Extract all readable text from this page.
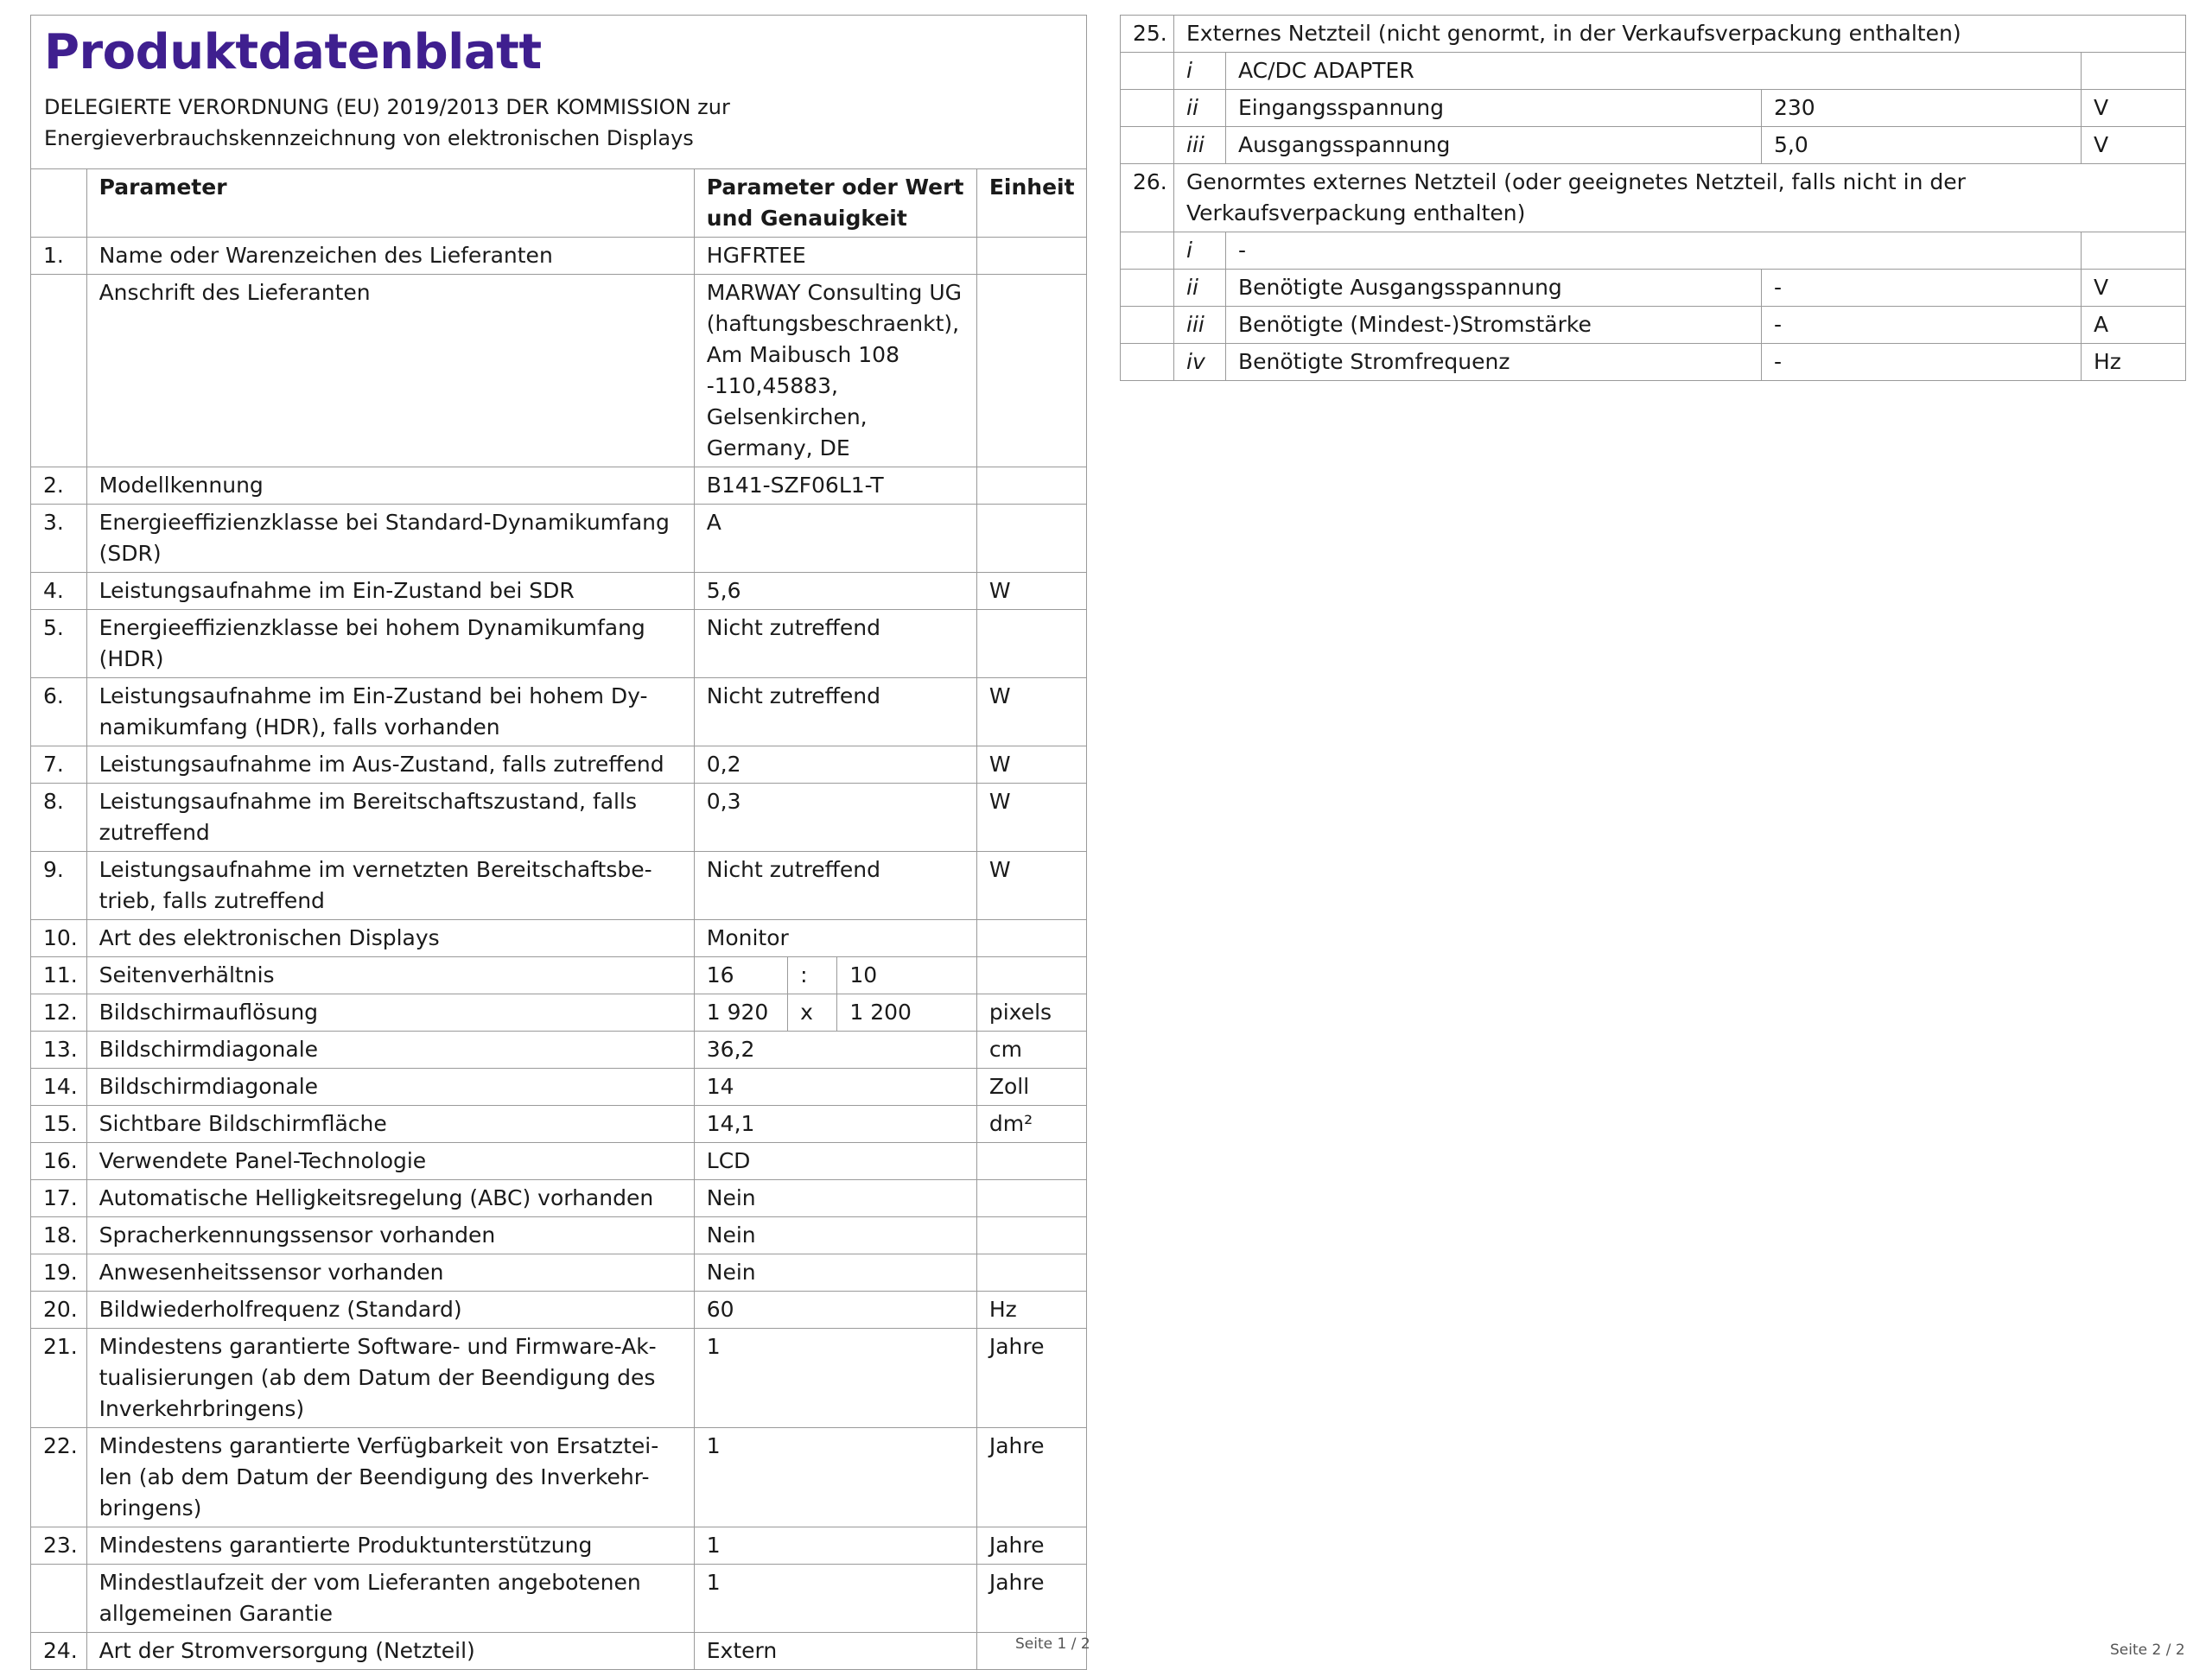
Produktdatenblatt

DELEGIERTE VERORDNUNG (EU) 2019/2013 DER KOMMISSION zur Energieverbrauchskennzeichnung von elektronischen Displays

	Parameter	Parameter oder Wert und Genauigkeit			Einheit
1.	Name oder Warenzeichen des Lieferanten	HGFRTEE			
	Anschrift des Lieferanten	MARWAY Consulting UG (haftungsbeschraenkt), Am Maibusch 108 -110,45883, Gelsenkirchen, Germany, DE			
2.	Modellkennung	B141-SZF06L1-T			
3.	Energieeffizienzklasse bei Standard-Dynamikumfang (SDR)	A			
4.	Leistungsaufnahme im Ein-Zustand bei SDR	5,6			W
5.	Energieeffizienzklasse bei hohem Dynamikumfang (HDR)	Nicht zutreffend			
6.	Leistungsaufnahme im Ein-Zustand bei hohem Dy-namikumfang (HDR), falls vorhanden	Nicht zutreffend			W
7.	Leistungsaufnahme im Aus-Zustand, falls zutreffend	0,2			W
8.	Leistungsaufnahme im Bereitschaftszustand, falls zutreffend	0,3			W
9.	Leistungsaufnahme im vernetzten Bereitschaftsbe-trieb, falls zutreffend	Nicht zutreffend			W
10.	Art des elektronischen Displays	Monitor			
11.	Seitenverhältnis	16	:	10	
12.	Bildschirmauflösung	1 920	x	1 200	pixels
13.	Bildschirmdiagonale	36,2			cm
14.	Bildschirmdiagonale	14			Zoll
15.	Sichtbare Bildschirmfläche	14,1			dm²
16.	Verwendete Panel-Technologie	LCD			
17.	Automatische Helligkeitsregelung (ABC) vorhanden	Nein			
18.	Spracherkennungssensor vorhanden	Nein			
19.	Anwesenheitssensor vorhanden	Nein			
20.	Bildwiederholfrequenz (Standard)	60			Hz
21.	Mindestens garantierte Software- und Firmware-Ak-tualisierungen (ab dem Datum der Beendigung des Inverkehrbringens)	1			Jahre
22.	Mindestens garantierte Verfügbarkeit von Ersatztei-len (ab dem Datum der Beendigung des Inverkehr-bringens)	1			Jahre
23.	Mindestens garantierte Produktunterstützung	1			Jahre
	Mindestlaufzeit der vom Lieferanten angebotenen allgemeinen Garantie	1			Jahre
24.	Art der Stromversorgung (Netzteil)	Extern				Seite 1 / 2	Seite 2 / 2
25.	Externes Netzteil (nicht genormt, in der Verkaufsverpackung enthalten)			
	i	AC/DC ADAPTER		
	ii	Eingangsspannung	230	V
	iii	Ausgangsspannung	5,0	V
26.	Genormtes externes Netzteil (oder geeignetes Netzteil, falls nicht in der Verkaufsverpackung enthalten)			
	i	-		
	ii	Benötigte Ausgangsspannung	-	V
	iii	Benötigte (Mindest-)Stromstärke	-	A
	iv	Benötigte Stromfrequenz	-	Hz
